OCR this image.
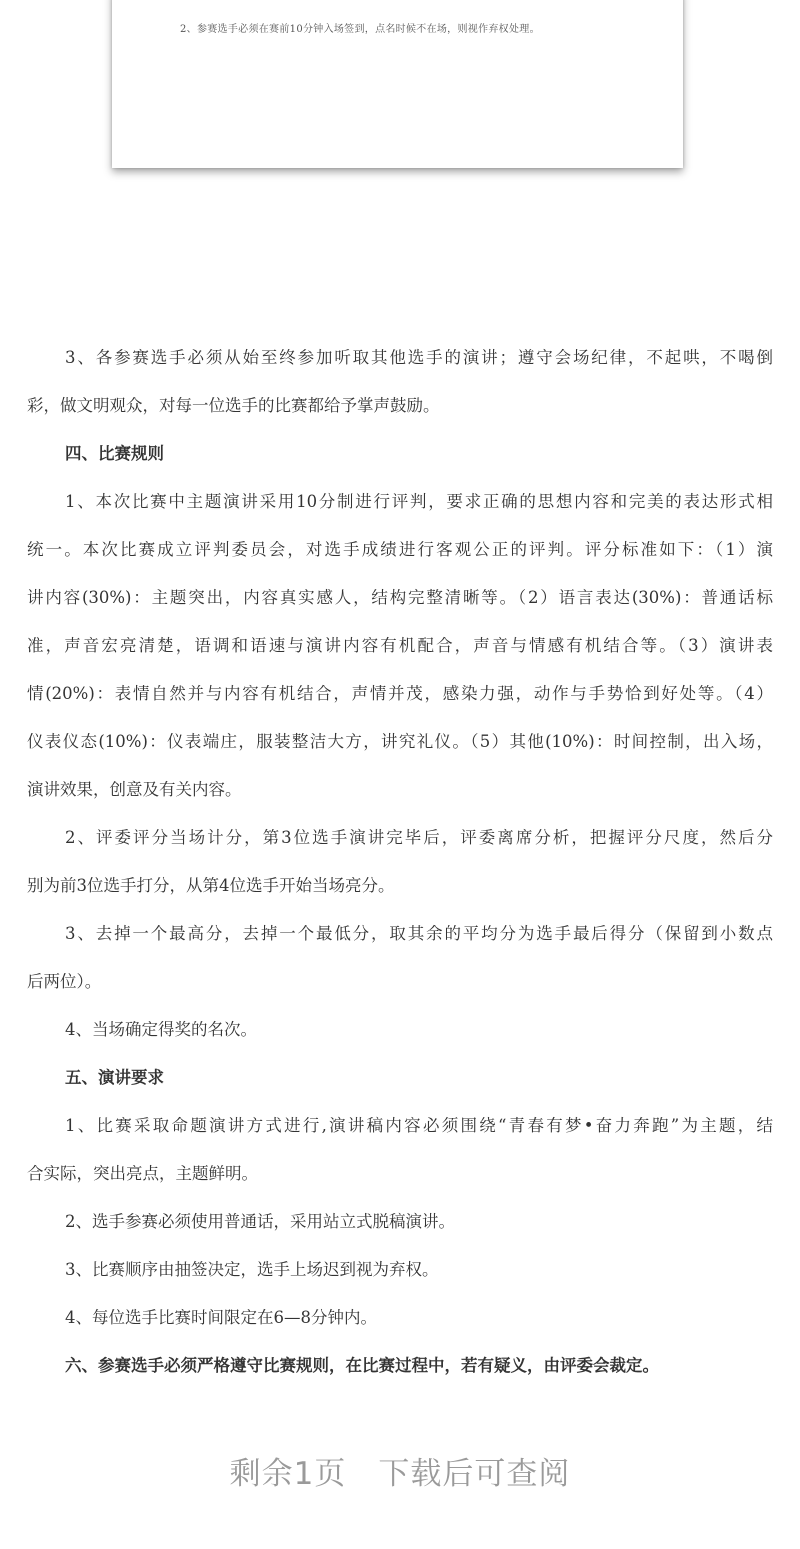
2、参赛选手必须在赛前10分钟入场签到，点名时候不在场，则视作弃权处理。
3、各参赛选手必须从始至终参加听取其他选手的演讲；遵守会场纪律，不起哄，不喝倒
彩，做文明观众，对每一位选手的比赛都给予掌声鼓励。
四、比赛规则
1、本次比赛中主题演讲采用10分制进行评判，要求正确的思想内容和完美的表达形式相
统一。本次比赛成立评判委员会，对选手成绩进行客观公正的评判。评分标准如下：（1）演
讲内容(30%)：主题突出，内容真实感人，结构完整清晰等。（2）语言表达(30%)：普通话标
准，声音宏亮清楚，语调和语速与演讲内容有机配合，声音与情感有机结合等。（3）演讲表
情(20%)：表情自然并与内容有机结合，声情并茂，感染力强，动作与手势恰到好处等。（4）
仪表仪态(10%)：仪表端庄，服装整洁大方，讲究礼仪。（5）其他(10%)：时间控制，出入场，
演讲效果，创意及有关内容。
2、评委评分当场计分，第3位选手演讲完毕后，评委离席分析，把握评分尺度，然后分
别为前3位选手打分，从第4位选手开始当场亮分。
3、去掉一个最高分，去掉一个最低分，取其余的平均分为选手最后得分（保留到小数点
后两位）。
4、当场确定得奖的名次。
五、演讲要求
1、比赛采取命题演讲方式进行,演讲稿内容必须围绕“青春有梦•奋力奔跑”为主题，结
合实际，突出亮点，主题鲜明。
2、选手参赛必须使用普通话，采用站立式脱稿演讲。
3、比赛顺序由抽签决定，选手上场迟到视为弃权。
4、每位选手比赛时间限定在6—8分钟内。
六、参赛选手必须严格遵守比赛规则，在比赛过程中，若有疑义，由评委会裁定。
剩余1页 下载后可查阅
